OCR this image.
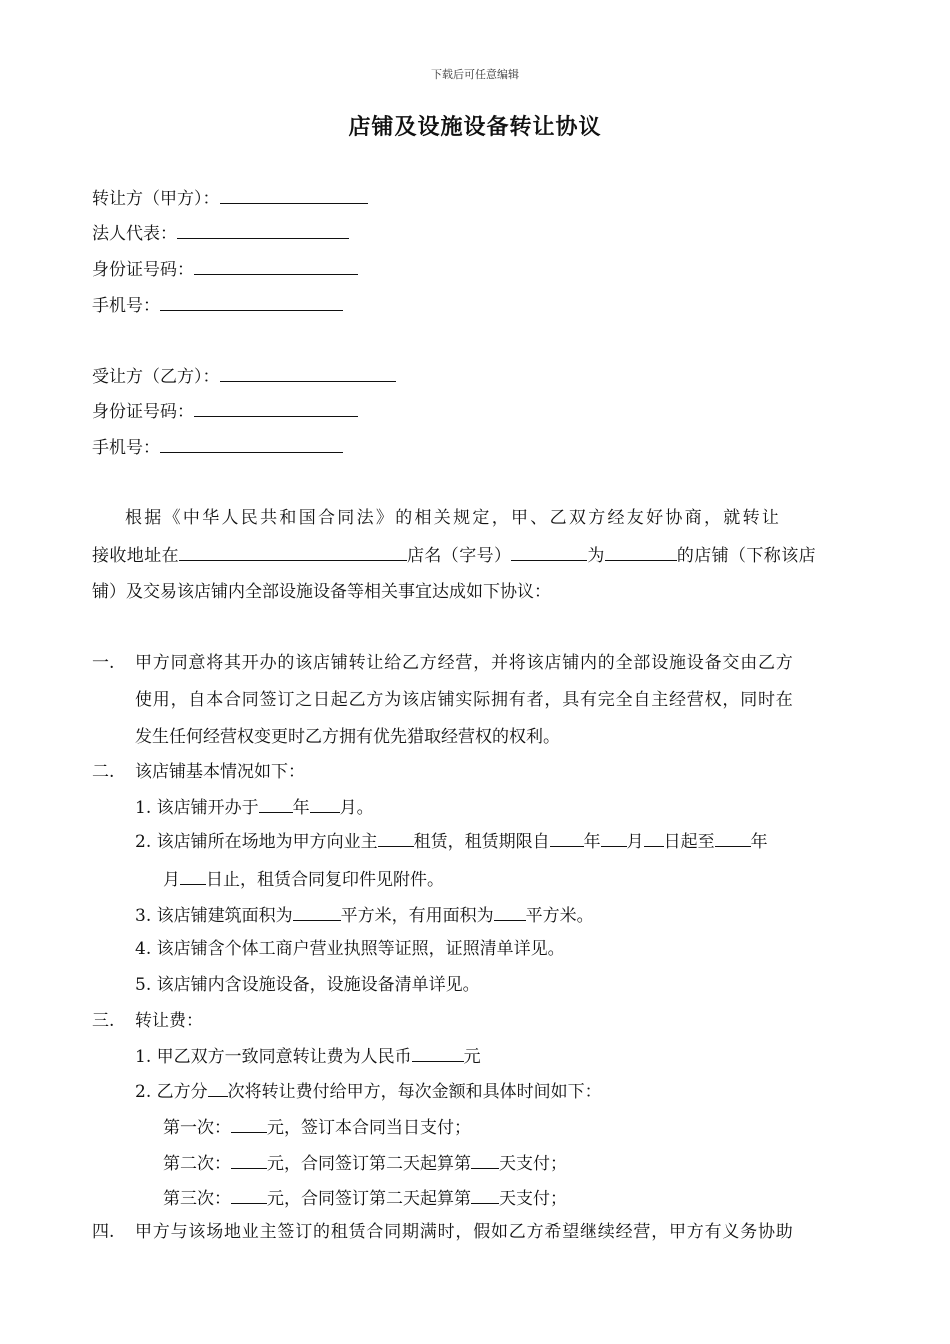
下载后可任意编辑
店铺及设施设备转让协议
转让方（甲方）：
法人代表：
身份证号码：
手机号：
受让方（乙方）：
身份证号码：
手机号：
根据《中华人民共和国合同法》的相关规定，甲、乙双方经友好协商，就转让
接收地址在	店名（字号）	为	的店铺（下称该店
铺）及交易该店铺内全部设施设备等相关事宜达成如下协议：
一. 甲方同意将其开办的该店铺转让给乙方经营，并将该店铺内的全部设施设备交由乙方
使用，自本合同签订之日起乙方为该店铺实际拥有者，具有完全自主经营权，同时在
发生任何经营权变更时乙方拥有优先猎取经营权的权利。
二. 该店铺基本情况如下：
1. 该店铺开办于 年 月。
2. 该店铺所在场地为甲方向业主 租赁，租赁期限自 年 月 日起至 年
月 日止，租赁合同复印件见附件。
3. 该店铺建筑面积为	平方米，有用面积为 平方米。
4. 该店铺含个体工商户营业执照等证照，证照清单详见。
5. 该店铺内含设施设备，设施设备清单详见。
三. 转让费：
1. 甲乙双方一致同意转让费为人民币	元
2. 乙方分 次将转让费付给甲方，每次金额和具体时间如下：
第一次： 元，签订本合同当日支付；
第二次： 元，合同签订第二天起算第 天支付；
第三次： 元，合同签订第二天起算第 天支付；
四. 甲方与该场地业主签订的租赁合同期满时，假如乙方希望继续经营，甲方有义务协助
